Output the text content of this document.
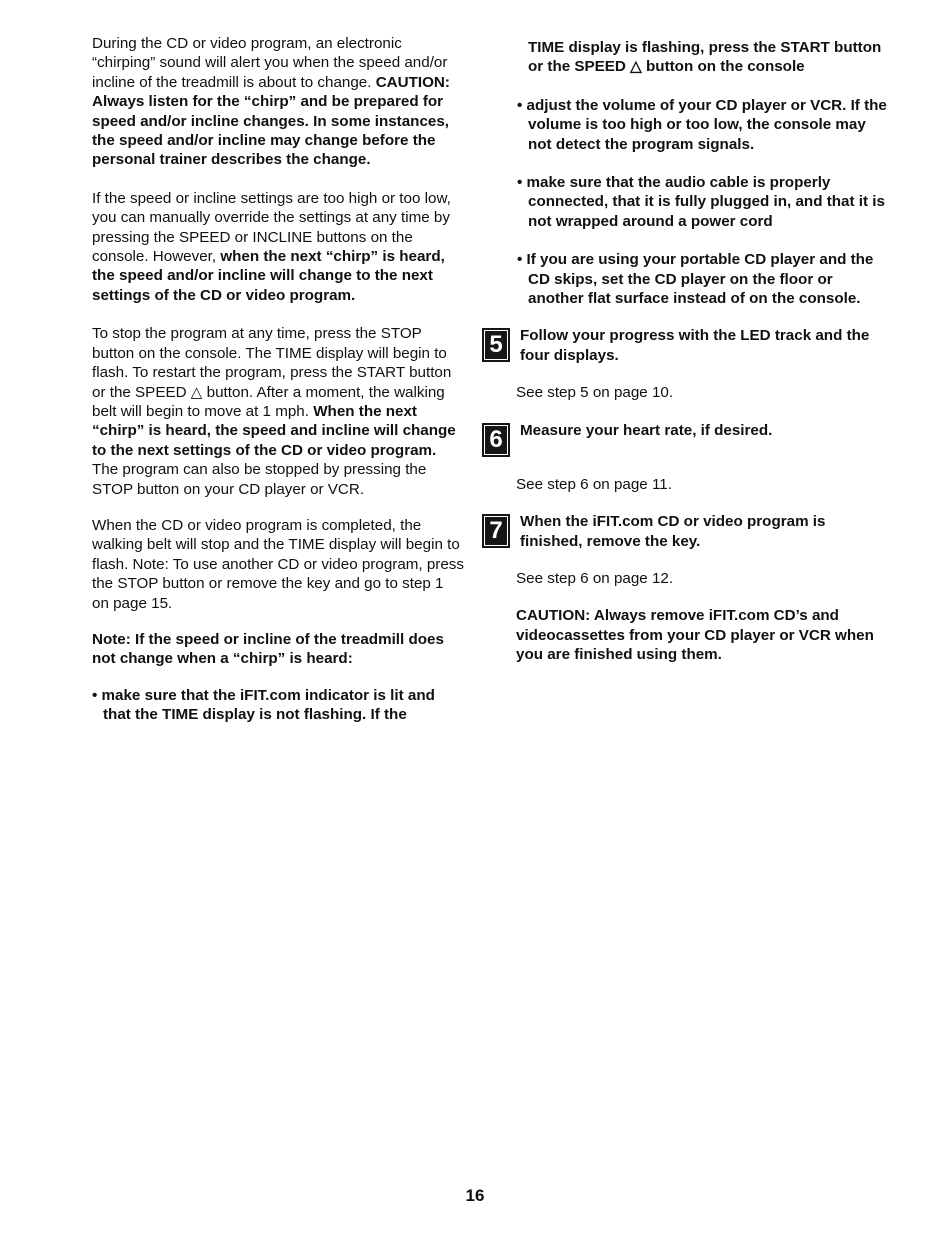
During the CD or video program, an electronic “chirping” sound will alert you when the speed and/or incline of the treadmill is about to change. CAUTION: Always listen for the “chirp” and be prepared for speed and/or incline changes. In some instances, the speed and/or incline may change before the personal trainer describes the change.

If the speed or incline settings are too high or too low, you can manually override the settings at any time by pressing the SPEED or INCLINE buttons on the console. However, when the next “chirp” is heard, the speed and/or incline will change to the next settings of the CD or video program.

To stop the program at any time, press the STOP button on the console. The TIME display will begin to flash. To restart the program, press the START button or the SPEED △ button. After a moment, the walking belt will begin to move at 1 mph. When the next “chirp” is heard, the speed and incline will change to the next settings of the CD or video program. The program can also be stopped by pressing the STOP button on your CD player or VCR.

When the CD or video program is completed, the walking belt will stop and the TIME display will begin to flash. Note: To use another CD or video program, press the STOP button or remove the key and go to step 1 on page 15.

Note: If the speed or incline of the treadmill does not change when a “chirp” is heard:

• make sure that the iFIT.com indicator is lit and that the TIME display is not flashing. If the

TIME display is flashing, press the START button or the SPEED △ button on the console

• adjust the volume of your CD player or VCR. If the volume is too high or too low, the console may not detect the program signals.

• make sure that the audio cable is properly connected, that it is fully plugged in, and that it is not wrapped around a power cord

• If you are using your portable CD player and the CD skips, set the CD player on the floor or another flat surface instead of on the console.

5	Follow your progress with the LED track and the four displays.

See step 5 on page 10.

6	Measure your heart rate, if desired.

See step 6 on page 11.

7	When the iFIT.com CD or video program is finished, remove the key.

See step 6 on page 12.

CAUTION: Always remove iFIT.com CD’s and videocassettes from your CD player or VCR when you are finished using them.

16
